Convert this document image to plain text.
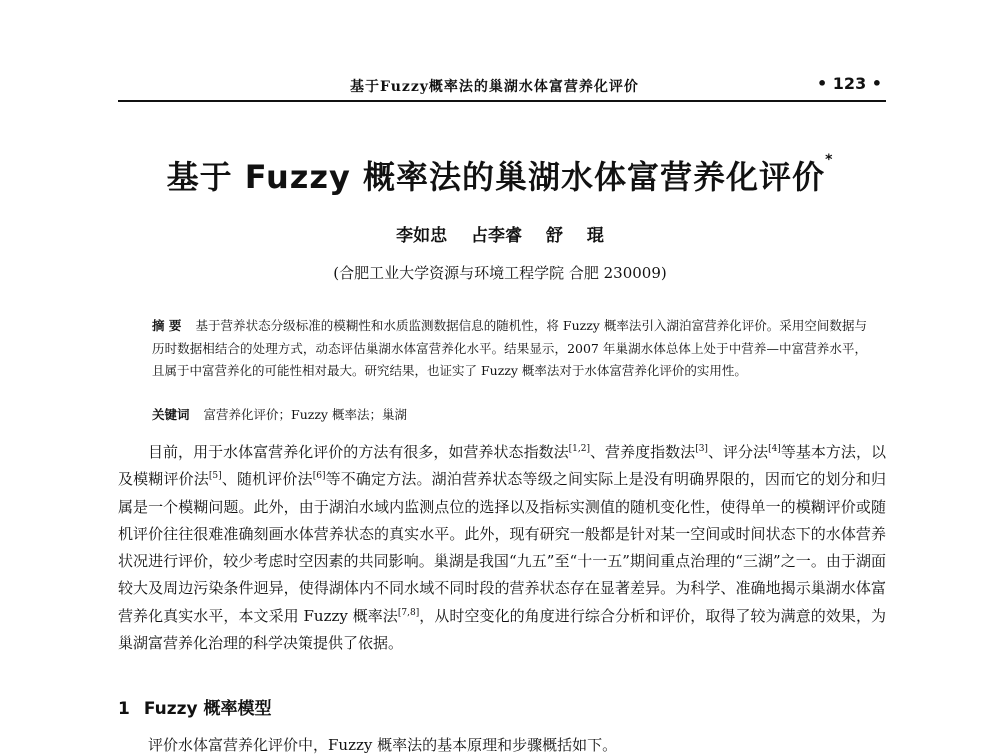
基于Fuzzy概率法的巢湖水体富营养化评价	• 123 •
基于 Fuzzy 概率法的巢湖水体富营养化评价*
李如忠 占李睿 舒 琨
(合肥工业大学资源与环境工程学院 合肥 230009)
摘 要 基于营养状态分级标准的模糊性和水质监测数据信息的随机性，将 Fuzzy 概率法引入湖泊富营养化评价。采用空间数据与历时数据相结合的处理方式，动态评估巢湖水体富营养化水平。结果显示，2007 年巢湖水体总体上处于中营养—中富营养水平，且属于中富营养化的可能性相对最大。研究结果，也证实了 Fuzzy 概率法对于水体富营养化评价的实用性。
关键词 富营养化评价；Fuzzy 概率法；巢湖

目前，用于水体富营养化评价的方法有很多，如营养状态指数法[1,2]、营养度指数法[3]、评分法[4]等基本方法，以及模糊评价法[5]、随机评价法[6]等不确定方法。湖泊营养状态等级之间实际上是没有明确界限的，因而它的划分和归属是一个模糊问题。此外，由于湖泊水域内监测点位的选择以及指标实测值的随机变化性，使得单一的模糊评价或随机评价往往很难准确刻画水体营养状态的真实水平。此外，现有研究一般都是针对某一空间或时间状态下的水体营养状况进行评价，较少考虑时空因素的共同影响。巢湖是我国“九五”至“十一五”期间重点治理的“三湖”之一。由于湖面较大及周边污染条件迥异，使得湖体内不同水域不同时段的营养状态存在显著差异。为科学、准确地揭示巢湖水体富营养化真实水平，本文采用 Fuzzy 概率法[7,8]，从时空变化的角度进行综合分析和评价，取得了较为满意的效果，为巢湖富营养化治理的科学决策提供了依据。

1 Fuzzy 概率模型
评价水体富营养化评价中，Fuzzy 概率法的基本原理和步骤概括如下。
